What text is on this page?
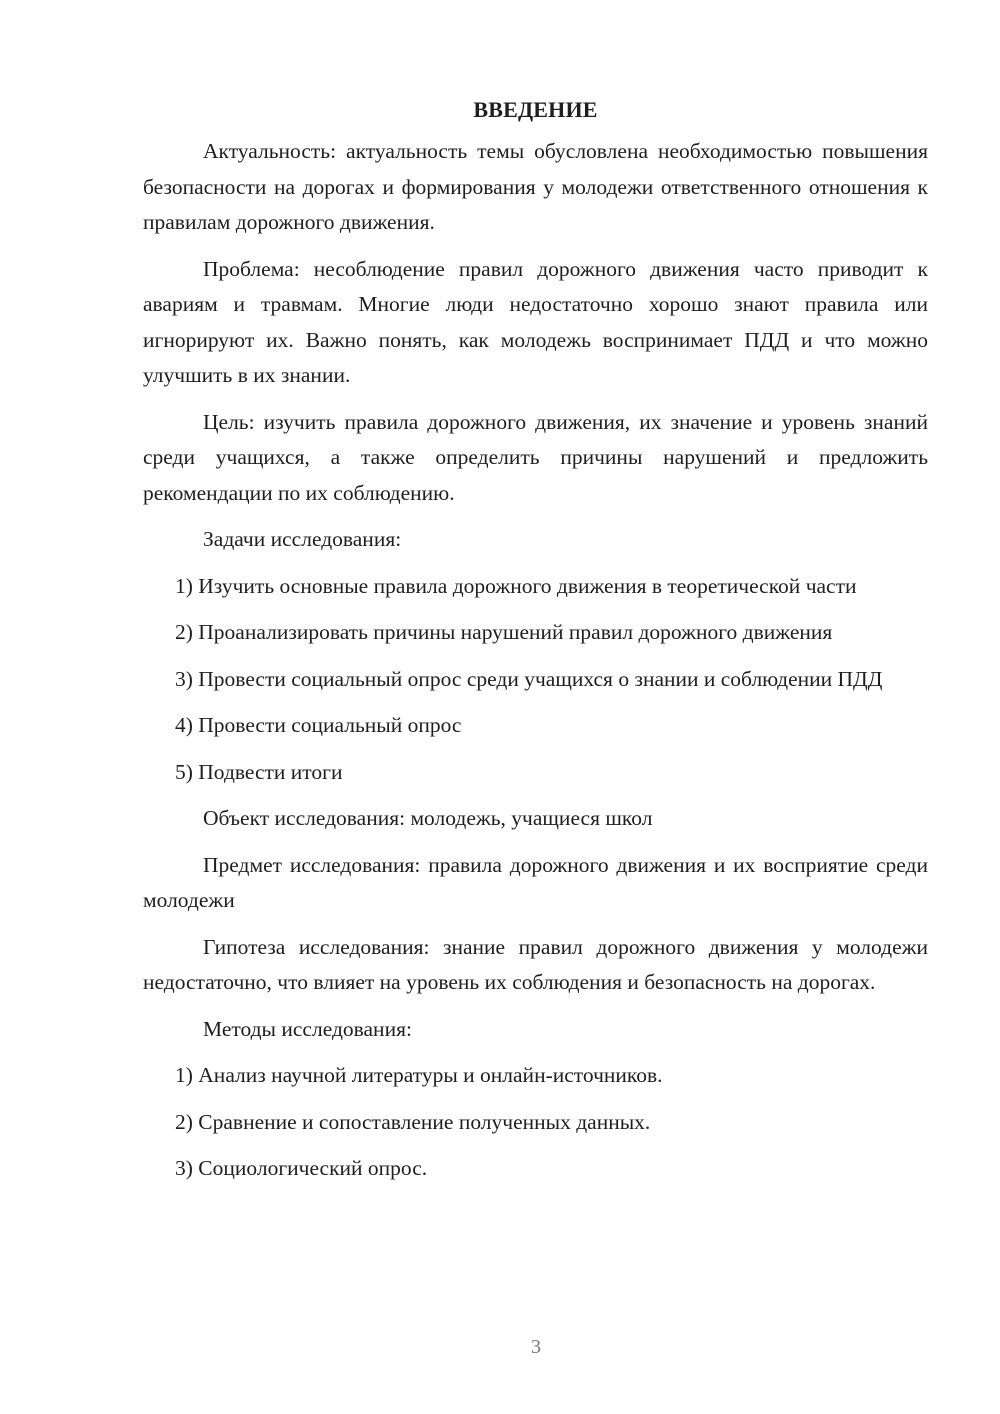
ВВЕДЕНИЕ

Актуальность: актуальность темы обусловлена необходимостью повышения безопасности на дорогах и формирования у молодежи ответственного отношения к правилам дорожного движения.

Проблема: несоблюдение правил дорожного движения часто приводит к авариям и травмам. Многие люди недостаточно хорошо знают правила или игнорируют их. Важно понять, как молодежь воспринимает ПДД и что можно улучшить в их знании.

Цель: изучить правила дорожного движения, их значение и уровень знаний среди учащихся, а также определить причины нарушений и предложить рекомендации по их соблюдению.

Задачи исследования:

1) Изучить основные правила дорожного движения в теоретической части

2) Проанализировать причины нарушений правил дорожного движения

3) Провести социальный опрос среди учащихся о знании и соблюдении ПДД

4) Провести социальный опрос

5) Подвести итоги

Объект исследования: молодежь, учащиеся школ

Предмет исследования: правила дорожного движения и их восприятие среди молодежи

Гипотеза исследования: знание правил дорожного движения у молодежи недостаточно, что влияет на уровень их соблюдения и безопасность на дорогах.

Методы исследования:

1) Анализ научной литературы и онлайн-источников.

2) Сравнение и сопоставление полученных данных.

3) Социологический опрос.

3
